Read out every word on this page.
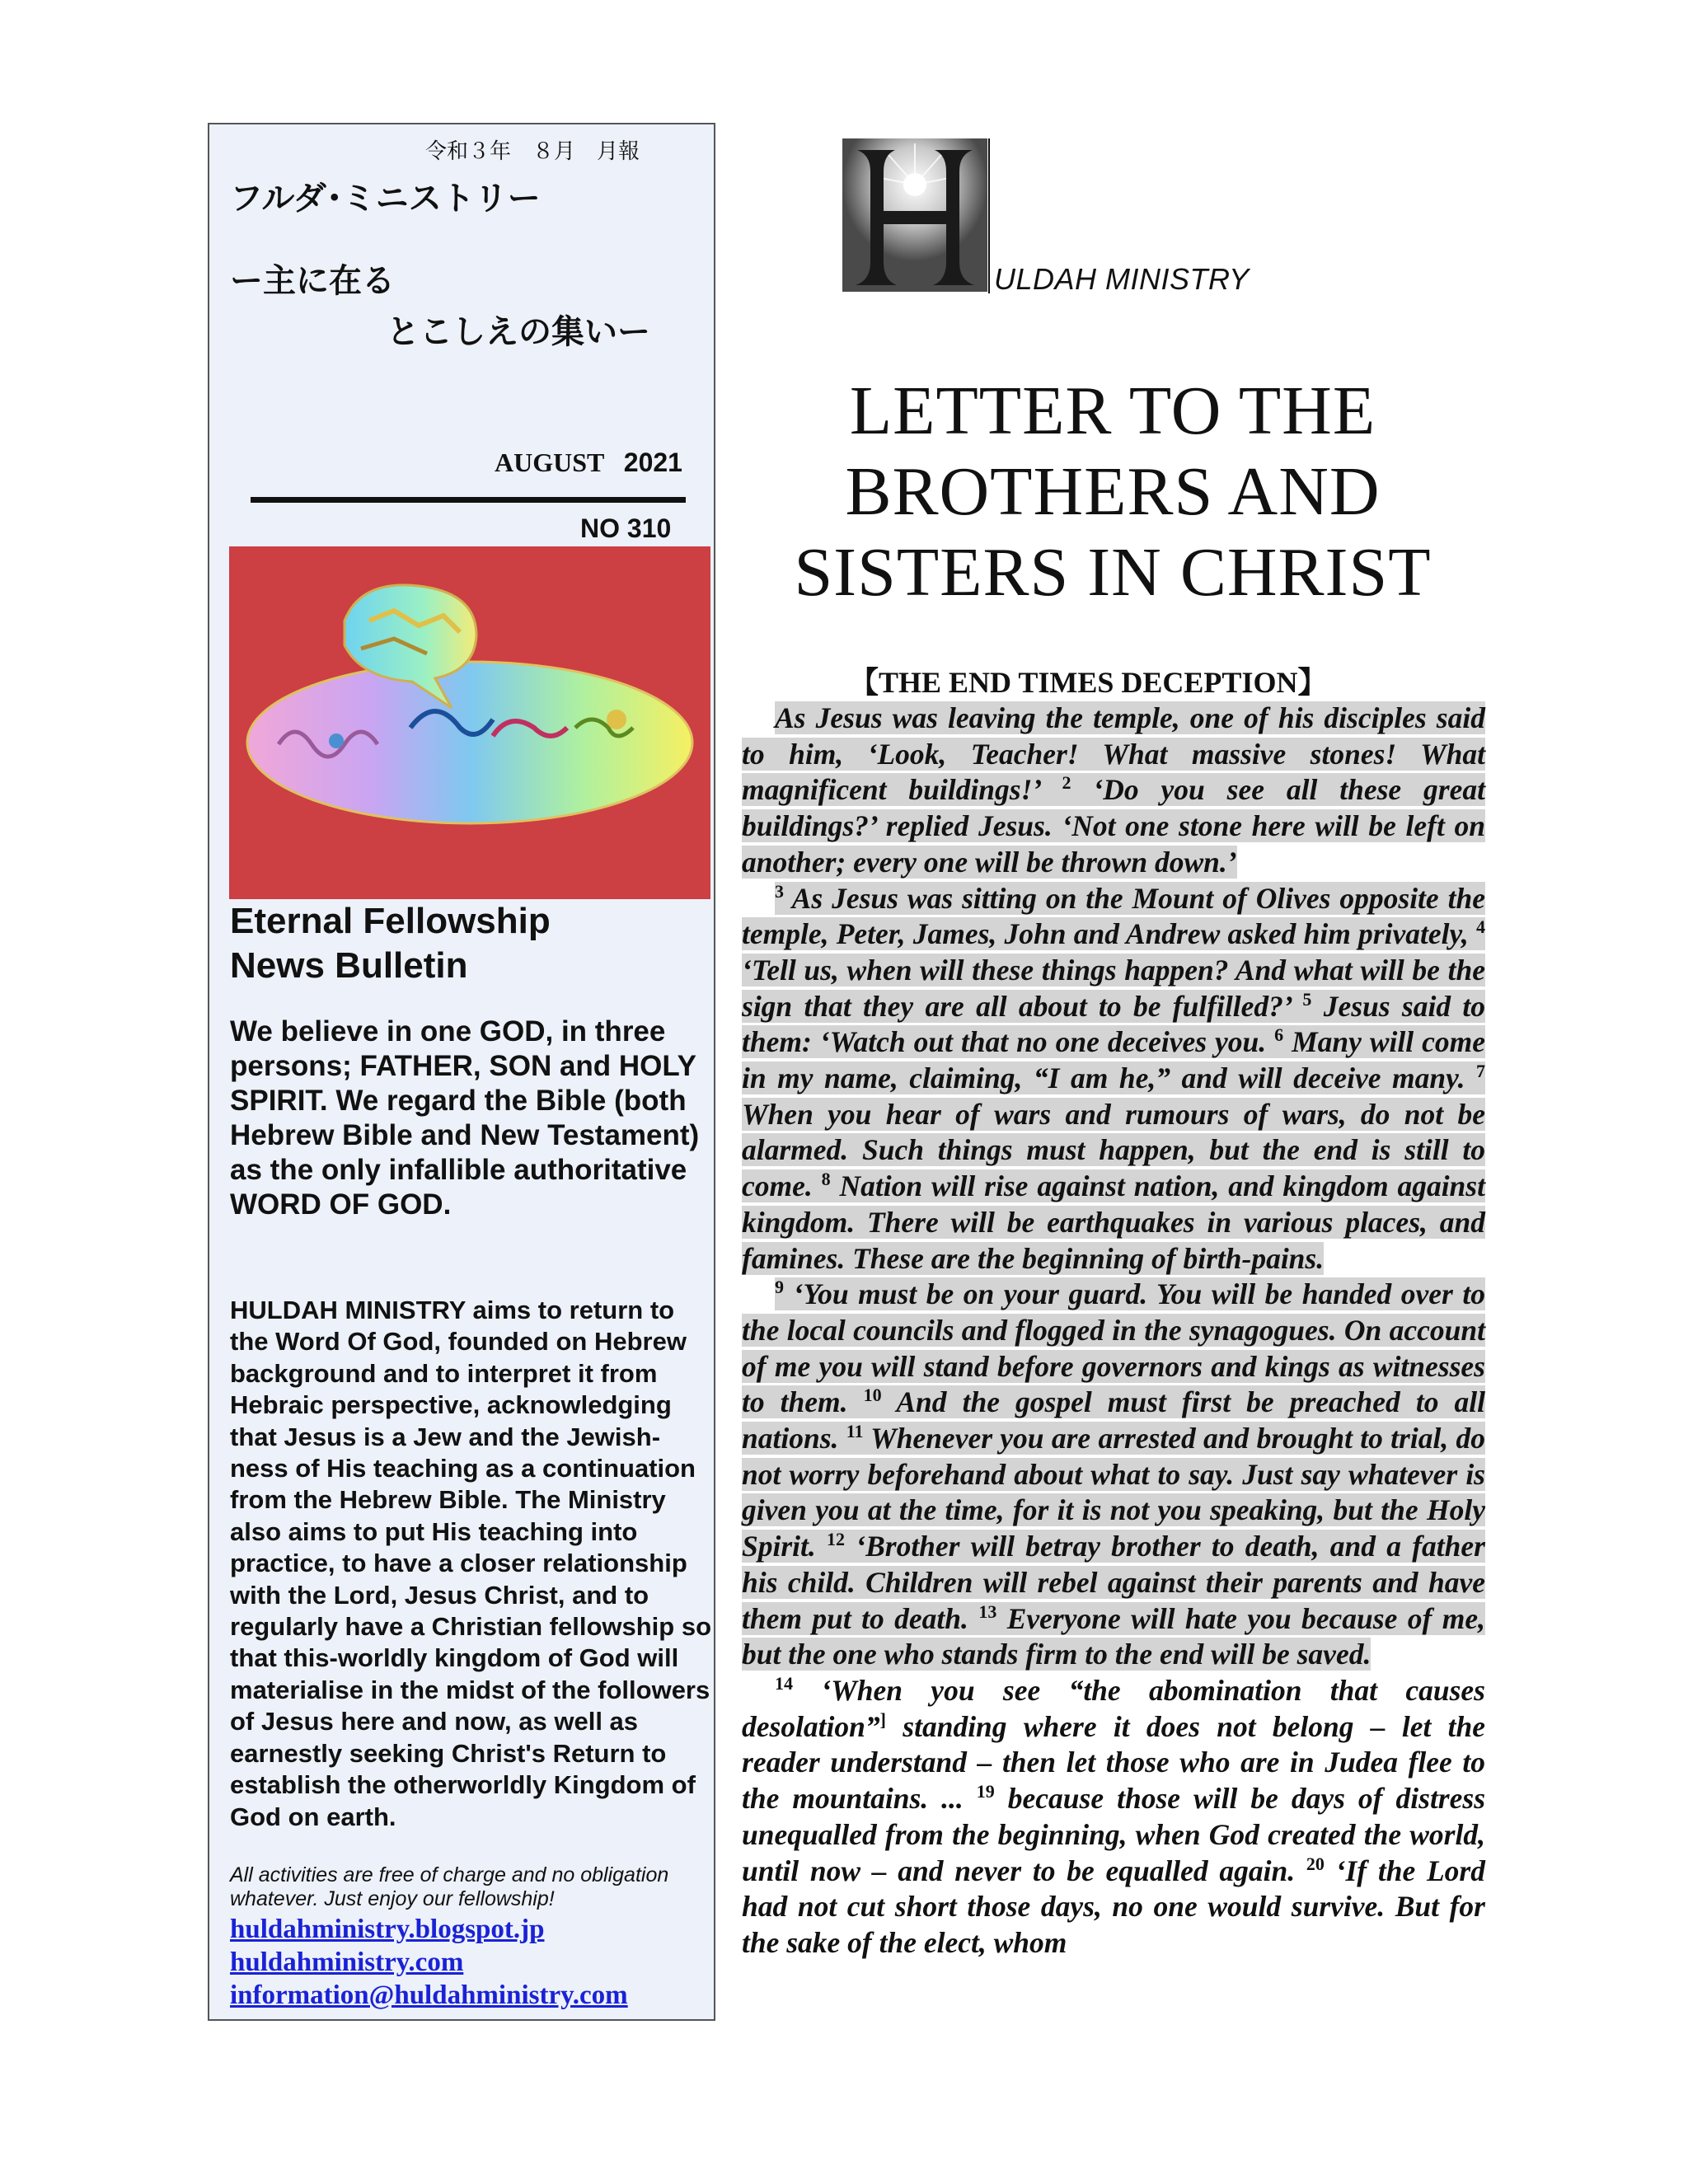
令和３年　８月　月報
フルダ･ミニストリー
ー主に在る
とこしえの集いー
AUGUST 2021
NO 310
Eternal Fellowship
News Bulletin
We believe in one GOD, in three persons; FATHER, SON and HOLY SPIRIT. We regard the Bible (both Hebrew Bible and New Testament) as the only infallible authoritative WORD OF GOD.
HULDAH MINISTRY aims to return to the Word Of God, founded on Hebrew background and to interpret it from Hebraic perspective, acknowledging that Jesus is a Jew and the Jewish-ness of His teaching as a continuation from the Hebrew Bible. The Ministry also aims to put His teaching into practice, to have a closer relationship with the Lord, Jesus Christ, and to regularly have a Christian fellowship so that this-worldly kingdom of God will materialise in the midst of the followers of Jesus here and now, as well as earnestly seeking Christ's Return to establish the otherworldly Kingdom of God on earth.
All activities are free of charge and no obligation whatever. Just enjoy our fellowship!
huldahministry.blogspot.jp
huldahministry.com
information@huldahministry.com
ULDAH MINISTRY
LETTER TO THE
BROTHERS AND
SISTERS IN CHRIST
【THE END TIMES DECEPTION】

As Jesus was leaving the temple, one of his disciples said to him, ‘Look, Teacher! What massive stones! What magnificent buildings!’ $^2$ ‘Do you see all these great buildings?’ replied Jesus. ‘Not one stone here will be left on another; every one will be thrown down.’

$^3$ As Jesus was sitting on the Mount of Olives opposite the temple, Peter, James, John and Andrew asked him privately, $^4$ ‘Tell us, when will these things happen? And what will be the sign that they are all about to be fulfilled?’ $^5$ Jesus said to them: ‘Watch out that no one deceives you. $^6$ Many will come in my name, claiming, “I am he,” and will deceive many. $^7$ When you hear of wars and rumours of wars, do not be alarmed. Such things must happen, but the end is still to come. $^8$ Nation will rise against nation, and kingdom against kingdom. There will be earthquakes in various places, and famines. These are the beginning of birth-pains.

$^9$ ‘You must be on your guard. You will be handed over to the local councils and flogged in the synagogues. On account of me you will stand before governors and kings as witnesses to them. $^{10}$ And the gospel must first be preached to all nations. $^{11}$ Whenever you are arrested and brought to trial, do not worry beforehand about what to say. Just say whatever is given you at the time, for it is not you speaking, but the Holy Spirit. $^{12}$ ‘Brother will betray brother to death, and a father his child. Children will rebel against their parents and have them put to death. $^{13}$ Everyone will hate you because of me, but the one who stands firm to the end will be saved.

$^{14}$ ‘When you see “the abomination that causes desolation”] standing where it does not belong – let the reader understand – then let those who are in Judea flee to the mountains. ... $^{19}$ because those will be days of distress unequalled from the beginning, when God created the world, until now – and never to be equalled again. $^{20}$ ‘If the Lord had not cut short those days, no one would survive. But for the sake of the elect, whom
